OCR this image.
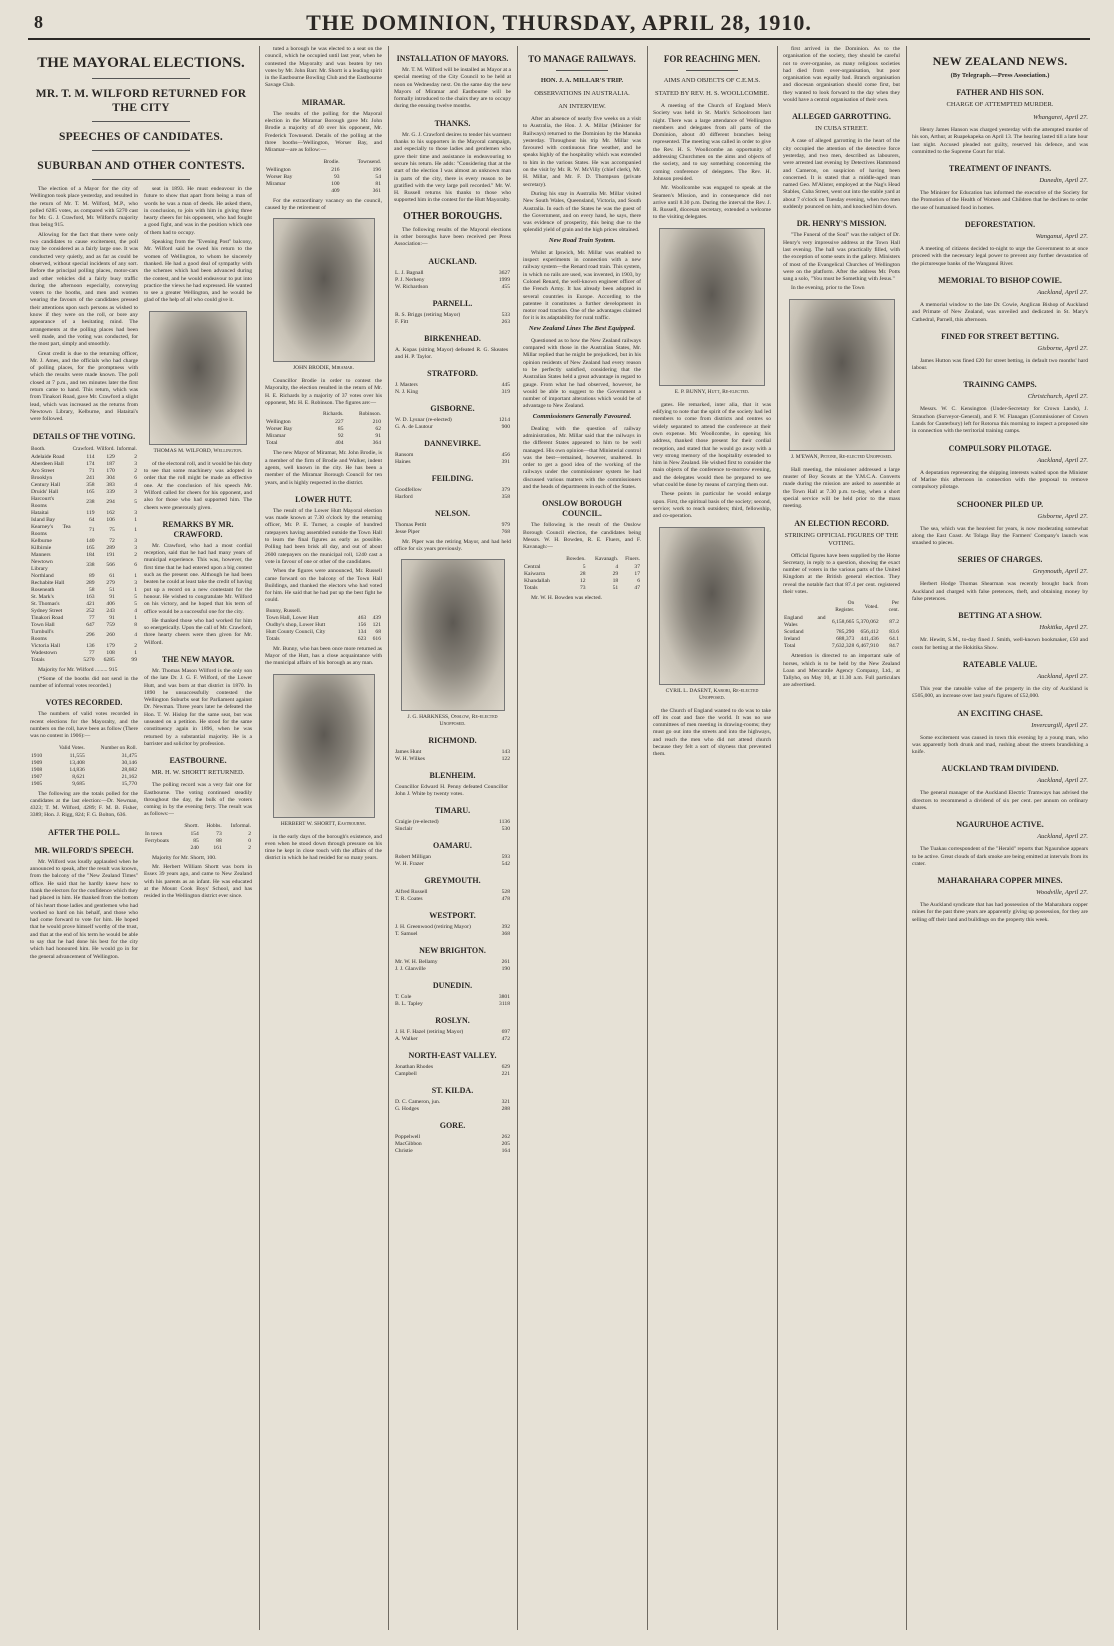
8	THE DOMINION, THURSDAY, APRIL 28, 1910.
THE MAYORAL ELECTIONS.
MR. T. M. WILFORD RETURNED FOR THE CITY
SPEECHES OF CANDIDATES.
SUBURBAN AND OTHER CONTESTS.

The election of a Mayor for the city of Wellington took place yesterday, and resulted in the return of Mr. T. M. Wilford, M.P., who polled 6285 votes, as compared with 5270 cast for Mr. G. J. Crawford, Mr. Wilford's majority thus being 915.

Allowing for the fact that there were only two candidates to cause excitement, the poll may be considered as a fairly large one. It was conducted very quietly, and as far as could be observed, without special incidents of any sort. Before the principal polling places, motor-cars and other vehicles did a fairly busy traffic during the afternoon especially, conveying voters to the booths, and men and women wearing the favours of the candidates pressed their attentions upon such persons as wished to know if they were on the roll, or bore any appearance of a hesitating mind. The arrangements at the polling places had been well made, and the voting was conducted, for the most part, simply and smoothly.

Great credit is due to the returning officer, Mr. J. Ames, and the officials who had charge of polling places, for the promptness with which the results were made known. The poll closed at 7 p.m., and ten minutes later the first return came to hand. This return, which was from Tinakori Road, gave Mr. Crawford a slight lead, which was increased as the returns from Newtown Library, Kelburne, and Hataitai's were followed.

DETAILS OF THE VOTING.
Booth.	Crawford.	Wilford.	Informal.
Adelaide Road	114	129	2
Aberdeen Hall	174	187	3
Aro Street	71	170	2
Brooklyn	241	304	6
Century Hall	358	383	4
Druids' Hall	165	339	3
Harcourt's Rooms	238	294	5
Hataitai	119	162	3
Island Bay	64	106	1
Kearney's Tea Rooms	71	75	1
Kelburne	140	72	3
Kilbirnie	165	289	3
Manners	184	191	2
Newtown Library	338	566	6
Northland	89	61	1
Rechabite Hall	289	279	3
Roseneath	58	51	1
St. Mark's	163	91	5
St. Thomas's	421	406	5
Sydney Street	252	243	4
Tinakori Road	77	91	1
Town Hall	647	759	8
Turnbull's Rooms	296	260	4
Victoria Hall	136	179	2
Wadestown	77	108	1
Totals	5270	6285	99

Majority for Mr. Wilford ......... 915

(*Some of the booths did not send in the number of informal votes recorded.)

VOTES RECORDED.

The numbers of valid votes recorded in recent elections for the Mayoralty, and the numbers on the roll, have been as follow (There was no contest in 1906):—

	Valid Votes.	Number on Roll.
1910	11,555	31,475
1909	13,408	30,146
1908	14,836	28,682
1907	8,621	21,162
1905	9,685	15,770

The following are the totals polled for the candidates at the last election:—Dr. Newman, 4323; T. M. Wilford, 4289; F. M. B. Fisher, 3389; Hon. J. Rigg, 824; F. G. Bolton, 636.

AFTER THE POLL.
MR. WILFORD'S SPEECH.

Mr. Wilford was loudly applauded when he announced to speak, after the result was known, from the balcony of the "New Zealand Times" office. He said that he hardly knew how to thank the electors for the confidence which they had placed in him. He thanked from the bottom of his heart those ladies and gentlemen who had worked so hard on his behalf, and those who had come forward to vote for him. He hoped that he would prove himself worthy of the trust, and that at the end of his term he would be able to say that he had done his best for the city which had honoured him. He would go in for the general advancement of Wellington.

seat in 1893. He must endeavour in the future to show that apart from being a man of words he was a man of deeds. He asked them, in conclusion, to join with him in giving three hearty cheers for his opponent, who had fought a good fight, and was in the position which one of them had to occupy.

Speaking from the "Evening Post" balcony, Mr. Wilford said he owed his return to the women of Wellington, to whom he sincerely thanked. He had a good deal of sympathy with the schemes which had been advanced during the contest, and he would endeavour to put into practice the views he had expressed. He wanted to see a greater Wellington, and he would be glad of the help of all who could give it.

THOMAS M. WILFORD, Wellington.

of the electoral roll, and it would be his duty to see that some machinery was adopted in order that the roll might be made an effective one. At the conclusion of his speech Mr. Wilford called for cheers for his opponent, and also for those who had supported him. The cheers were generously given.

REMARKS BY MR. CRAWFORD.

Mr. Crawford, who had a most cordial reception, said that he had had many years of municipal experience. This was, however, the first time that he had entered upon a big contest such as the present one. Although he had been beaten he could at least take the credit of having put up a record on a new contestant for the honour. He wished to congratulate Mr. Wilford on his victory, and he hoped that his term of office would be a successful one for the city.

He thanked those who had worked for him so energetically. Upon the call of Mr. Crawford, three hearty cheers were then given for Mr. Wilford.

THE NEW MAYOR.

Mr. Thomas Mason Wilford is the only son of the late Dr. J. G. F. Wilford, of the Lower Hutt, and was born at that district in 1870. In 1890 he unsuccessfully contested the Wellington Suburbs seat for Parliament against Dr. Newman. Three years later he defeated the Hon. T. W. Hislop for the same seat, but was unseated on a petition. He stood for the same constituency again in 1896, when he was returned by a substantial majority. He is a barrister and solicitor by profession.

EASTBOURNE.
MR. H. W. SHORTT RETURNED.

The polling record was a very fair one for Eastbourne. The voting continued steadily throughout the day, the bulk of the voters coming in by the evening ferry. The result was as follows:—

	Shortt.	Hobbs.	Informal.
In town	154	73	2
Ferryboats	85	88	0
	240	161	2

Majority for Mr. Shortt, 100.

Mr. Herbert William Shortt was born in Essex 39 years ago, and came to New Zealand with his parents as an infant. He was educated at the Mount Cook Boys' School, and has resided in the Wellington district ever since.

tuted a borough he was elected to a seat on the council, which he occupied until last year, when he contested the Mayoralty and was beaten by ten votes by Mr. John Barr. Mr. Shortt is a leading spirit in the Eastbourne Bowling Club and the Eastbourne Savage Club.

MIRAMAR.

The results of the polling for the Mayoral election in the Miramar Borough gave Mr. John Brodie a majority of 40 over his opponent, Mr. Frederick Townsend. Details of the polling at the three booths—Wellington, Worser Bay, and Miramar—are as follow:—

	Brodie.	Townsend.
Wellington	216	196
Worser Bay	93	54
Miramar	100	81
	409	361

For the extraordinary vacancy on the council, caused by the retirement of

JOHN BRODIE, Miramar.

Councillor Brodie in order to contest the Mayoralty, the election resulted in the return of Mr. H. E. Richards by a majority of 37 votes over his opponent, Mr. H. E. Robinson. The figures are:—

	Richards.	Robinson.
Wellington	227	210
Worser Bay	85	62
Miramar	92	91
Total	404	364

The new Mayor of Miramar, Mr. John Brodie, is a member of the firm of Brodie and Walker, indent agents, well known in the city. He has been a member of the Miramar Borough Council for ten years, and is highly respected in the district.

LOWER HUTT.

The result of the Lower Hutt Mayoral election was made known at 7.30 o'clock by the returning officer, Mr. P. E. Turner, a couple of hundred ratepayers having assembled outside the Town Hall to learn the final figures as early as possible. Polling had been brisk all day, and out of about 2600 ratepayers on the municipal roll, 1240 cast a vote in favour of one or other of the candidates.

When the figures were announced, Mr. Russell came forward on the balcony of the Town Hall Buildings, and thanked the electors who had voted for him. He said that he had put up the best fight he could.

Bunny, Russell.		
Town Hall, Lower Hutt	463	439
Oudby's shop, Lower Hutt	156	121
Hutt County Council, City	134	68
Totals	623	616

Mr. Bunny, who has been once more returned as Mayor of the Hutt, has a close acquaintance with the municipal affairs of his borough as any man.

HERBERT W. SHORTT, Eastbourne.

in the early days of the borough's existence, and even when he stood down through pressure on his time he kept in close touch with the affairs of the district in which he had resided for so many years.

INSTALLATION OF MAYORS.

Mr. T. M. Wilford will be installed as Mayor at a special meeting of the City Council to be held at noon on Wednesday next. On the same day the new Mayors of Miramar and Eastbourne will be formally introduced to the chairs they are to occupy during the ensuing twelve months.

THANKS.

Mr. G. J. Crawford desires to tender his warmest thanks to his supporters in the Mayoral campaign, and especially to those ladies and gentlemen who gave their time and assistance in endeavouring to secure his return. He adds: "Considering that at the start of the election I was almost an unknown man in parts of the city, there is every reason to be gratified with the very large poll recorded." Mr. W. H. Russell returns his thanks to those who supported him in the contest for the Hutt Mayoralty.

OTHER BOROUGHS.

The following results of the Mayoral elections in other boroughs have been received per Press Association:—

AUCKLAND.
L. J. Bagnall	3627
P. J. Nerheny	1999
W. Richardson	455
PARNELL.
R. S. Briggs (retiring Mayor)	533
F. Fitt	263
BIRKENHEAD.
A. Kopas (sitting Mayor) defeated R. G. Skeates and H. P. Taylor.	
STRATFORD.
J. Masters	445
N. J. King	319
GISBORNE.
W. D. Lysnar (re-elected)	1214
G. A. de Lautour	900
DANNEVIRKE.
Ransom	456
Haines	391
FEILDING.
Goodfellow	379
Harford	358
NELSON.
Thomas Pettit	979
Jesse Piper	768

Mr. Piper was the retiring Mayor, and had held office for six years previously.

J. G. HARKNESS, Onslow, Re-elected Unopposed.
RICHMOND.
James Hunt	143
W. H. Wilkes	122
BLENHEIM.
Councillor Edward H. Penny defeated Councillor John J. White by twenty votes.	
TIMARU.
Craigie (re-elected)	1136
Sinclair	530
OAMARU.
Robert Milligan	593
W. H. Frazer	542
GREYMOUTH.
Alfred Russell	528
T. R. Coates	478
WESTPORT.
J. H. Greenwood (retiring Mayor)	392
T. Samuel	368
NEW BRIGHTON.
Mr. W. H. Bellamy	261
J. J. Glanville	190
DUNEDIN.
T. Cole	3801
B. L. Tapley	3118
ROSLYN.
J. H. F. Hazel (retiring Mayor)	697
A. Walker	472
NORTH-EAST VALLEY.
Jonathan Rhodes	629
Campbell	221
ST. KILDA.
D. C. Cameron, jun.	321
G. Hodges	288
GORE.
Poppelwell	262
MacGibbon	205
Christie	164
TO MANAGE RAILWAYS.
HON. J. A. MILLAR'S TRIP.
OBSERVATIONS IN AUSTRALIA.
AN INTERVIEW.

After an absence of nearly five weeks on a visit to Australia, the Hon. J. A. Millar (Minister for Railways) returned to the Dominion by the Manuka yesterday. Throughout his trip Mr. Millar was favoured with continuous fine weather, and he speaks highly of the hospitality which was extended to him in the various States. He was accompanied on the visit by Mr. R. W. McVilly (chief clerk), Mr. H. Millar, and Mr. F. D. Thompson (private secretary).

During his stay in Australia Mr. Millar visited New South Wales, Queensland, Victoria, and South Australia. In each of the States he was the guest of the Government, and on every hand, he says, there was evidence of prosperity, this being due to the splendid yield of grain and the high prices obtained.

New Road Train System.

Whilst at Ipswich, Mr. Millar was enabled to inspect experiments in connection with a new railway system—the Renard road train. This system, in which no rails are used, was invented, in 1903, by Colonel Renard, the well-known engineer officer of the French Army. It has already been adopted in several countries in Europe. According to the patentee it constitutes a further development in motor road traction. One of the advantages claimed for it is its adaptability for rural traffic.

New Zealand Lines The Best Equipped.

Questioned as to how the New Zealand railways compared with those in the Australian States, Mr. Millar replied that he might be prejudiced, but in his opinion residents of New Zealand had every reason to be perfectly satisfied, considering that the Australian States held a great advantage in regard to gauge. From what he had observed, however, he would be able to suggest to the Government a number of important alterations which would be of advantage to New Zealand.

Commissioners Generally Favoured.

Dealing with the question of railway administration, Mr. Millar said that the railways in the different States appeared to him to be well managed. His own opinion—that Ministerial control was the best—remained, however, unaltered. In order to get a good idea of the working of the railways under the commissioner system he had discussed various matters with the commissioners and the heads of departments in each of the States.

ONSLOW BOROUGH COUNCIL.

The following is the result of the Onslow Borough Council election, the candidates being Messrs. W. H. Bowden, R. E. Fluers, and F. Kavanagh:—

	Bowden.	Kavanagh.	Fluers.
Central	5	4	37
Kaiwarra	28	29	17
Khandallah	12	18	6
Totals	73	51	47

Mr. W. H. Bowden was elected.

FOR REACHING MEN.
AIMS AND OBJECTS OF C.E.M.S.
STATED BY REV. H. S. WOOLLCOMBE.

A meeting of the Church of England Men's Society was held in St. Mark's Schoolroom last night. There was a large attendance of Wellington members and delegates from all parts of the Dominion, about 40 different branches being represented. The meeting was called in order to give the Rev. H. S. Woollcombe an opportunity of addressing Churchmen on the aims and objects of the society, and to say something concerning the coming conference of delegates. The Rev. H. Johnson presided.

Mr. Woollcombe was engaged to speak at the Seamen's Mission, and in consequence did not arrive until 8.30 p.m. During the interval the Rev. J. R. Russell, diocesan secretary, extended a welcome to the visiting delegates.

E. P. BUNNY, Hutt, Re-elected.

gates. He remarked, inter alia, that it was edifying to note that the spirit of the society had led members to come from districts and centres so widely separated to attend the conference at their own expense. Mr. Woollcombe, in opening his address, thanked those present for their cordial reception, and stated that he would go away with a very strong memory of the hospitality extended to him in New Zealand. He wished first to consider the main objects of the conference to-morrow evening, and the delegates would then be prepared to see what could be done by means of carrying them out.

These points in particular he would enlarge upon. First, the spiritual basis of the society; second, service; work to reach outsiders; third, fellowship, and co-operation.

CYRIL L. DASENT, Karori, Re-elected Unopposed.

the Church of England wanted to do was to take off its coat and face the world. It was no use committees of men meeting in drawing-rooms; they must go out into the streets and into the highways, and reach the men who did not attend church because they felt a sort of shyness that prevented them.

first arrived in the Dominion. As to the organisation of the society, they should be careful not to over-organise, as many religious societies had died from over-organisation, but poor organisation was equally bad. Branch organisation and diocesan organisation should come first, but they wanted to look forward to the day when they would have a central organisation of their own.

ALLEGED GARROTTING.
IN CUBA STREET.

A case of alleged garrotting in the heart of the city occupied the attention of the detective force yesterday, and two men, described as labourers, were arrested last evening by Detectives Hammond and Cameron, on suspicion of having been concerned. It is stated that a middle-aged man named Geo. M'Alister, employed at the Nag's Head Stables, Cuba Street, went out into the stable yard at about 7 o'clock on Tuesday evening, when two men suddenly pounced on him, and knocked him down.

DR. HENRY'S MISSION.

"The Funeral of the Soul" was the subject of Dr. Henry's very impressive address at the Town Hall last evening. The hall was practically filled, with the exception of some seats in the gallery. Ministers of most of the Evangelical Churches of Wellington were on the platform. After the address Mr. Potts sang a solo, "You must be Something with Jesus."

In the evening, prior to the Town

J. M'EWAN, Petone, Re-elected Unopposed.

Hall meeting, the missioner addressed a large muster of Boy Scouts at the Y.M.C.A. Converts made during the mission are asked to assemble at the Town Hall at 7.30 p.m. to-day, when a short special service will be held prior to the mass meeting.

AN ELECTION RECORD.
STRIKING OFFICIAL FIGURES OF THE VOTING.

Official figures have been supplied by the Home Secretary, in reply to a question, showing the exact number of voters in the various parts of the United Kingdom at the British general election. They reveal the notable fact that 87.4 per cent. registered their votes.

	On Register.	Voted.	Per cent.
England and Wales	6,158,665	5,370,062	87.2
Scotland	785,290	656,412	83.6
Ireland	688,373	441,436	64.1
Total	7,632,328	6,467,910	84.7

Attention is directed to an important sale of horses, which is to be held by the New Zealand Loan and Mercantile Agency Company, Ltd., at Tallyho, on May 10, at 11.30 a.m. Full particulars are advertised.

NEW ZEALAND NEWS.
(By Telegraph.—Press Association.)
FATHER AND HIS SON.
CHARGE OF ATTEMPTED MURDER.
Whangarei, April 27.

Henry James Hanson was charged yesterday with the attempted murder of his son, Arthur, at Ruapekapeka on April 13. The hearing lasted till a late hour last night. Accused pleaded not guilty, reserved his defence, and was committed to the Supreme Court for trial.

TREATMENT OF INFANTS.
Dunedin, April 27.

The Minister for Education has informed the executive of the Society for the Promotion of the Health of Women and Children that he declines to order the use of humanised food in homes.

DEFORESTATION.
Wanganui, April 27.

A meeting of citizens decided to-night to urge the Government to at once proceed with the necessary legal power to prevent any further devastation of the picturesque banks of the Wanganui River.

MEMORIAL TO BISHOP COWIE.
Auckland, April 27.

A memorial window to the late Dr. Cowie, Anglican Bishop of Auckland and Primate of New Zealand, was unveiled and dedicated in St. Mary's Cathedral, Parnell, this afternoon.

FINED FOR STREET BETTING.
Gisborne, April 27.

James Hutton was fined £20 for street betting, in default two months' hard labour.

TRAINING CAMPS.
Christchurch, April 27.

Messrs. W. C. Kensington (Under-Secretary for Crown Lands), J. Strauchon (Surveyor-General), and F. W. Flanagan (Commissioner of Crown Lands for Canterbury) left for Rotorua this morning to inspect a proposed site in connection with the territorial training camps.

COMPULSORY PILOTAGE.
Auckland, April 27.

A deputation representing the shipping interests waited upon the Minister of Marine this afternoon in connection with the proposal to remove compulsory pilotage.

SCHOONER PILED UP.
Gisborne, April 27.

The sea, which was the heaviest for years, is now moderating somewhat along the East Coast. At Tolaga Bay the Farmers' Company's launch was smashed to pieces.

SERIES OF CHARGES.
Greymouth, April 27.

Herbert Hodge Thomas Shearman was recently brought back from Auckland and charged with false pretences, theft, and obtaining money by false pretences.

BETTING AT A SHOW.
Hokitika, April 27.

Mr. Hewitt, S.M., to-day fined J. Smith, well-known bookmaker, £50 and costs for betting at the Hokitika Show.

RATEABLE VALUE.
Auckland, April 27.

This year the rateable value of the property in the city of Auckland is £505,000, an increase over last year's figures of £52,000.

AN EXCITING CHASE.
Invercargill, April 27.

Some excitement was caused in town this evening by a young man, who was apparently both drunk and mad, rushing about the streets brandishing a knife.

AUCKLAND TRAM DIVIDEND.
Auckland, April 27.

The general manager of the Auckland Electric Tramways has advised the directors to recommend a dividend of six per cent. per annum on ordinary shares.

NGAURUHOE ACTIVE.
Auckland, April 27.

The Tuakau correspondent of the "Herald" reports that Ngauruhoe appears to be active. Great clouds of dark smoke are being emitted at intervals from its crater.

MAHARAHARA COPPER MINES.
Woodville, April 27.

The Auckland syndicate that has had possession of the Maharahara copper mines for the past three years are apparently giving up possession, for they are selling off their land and buildings on the property this week.
